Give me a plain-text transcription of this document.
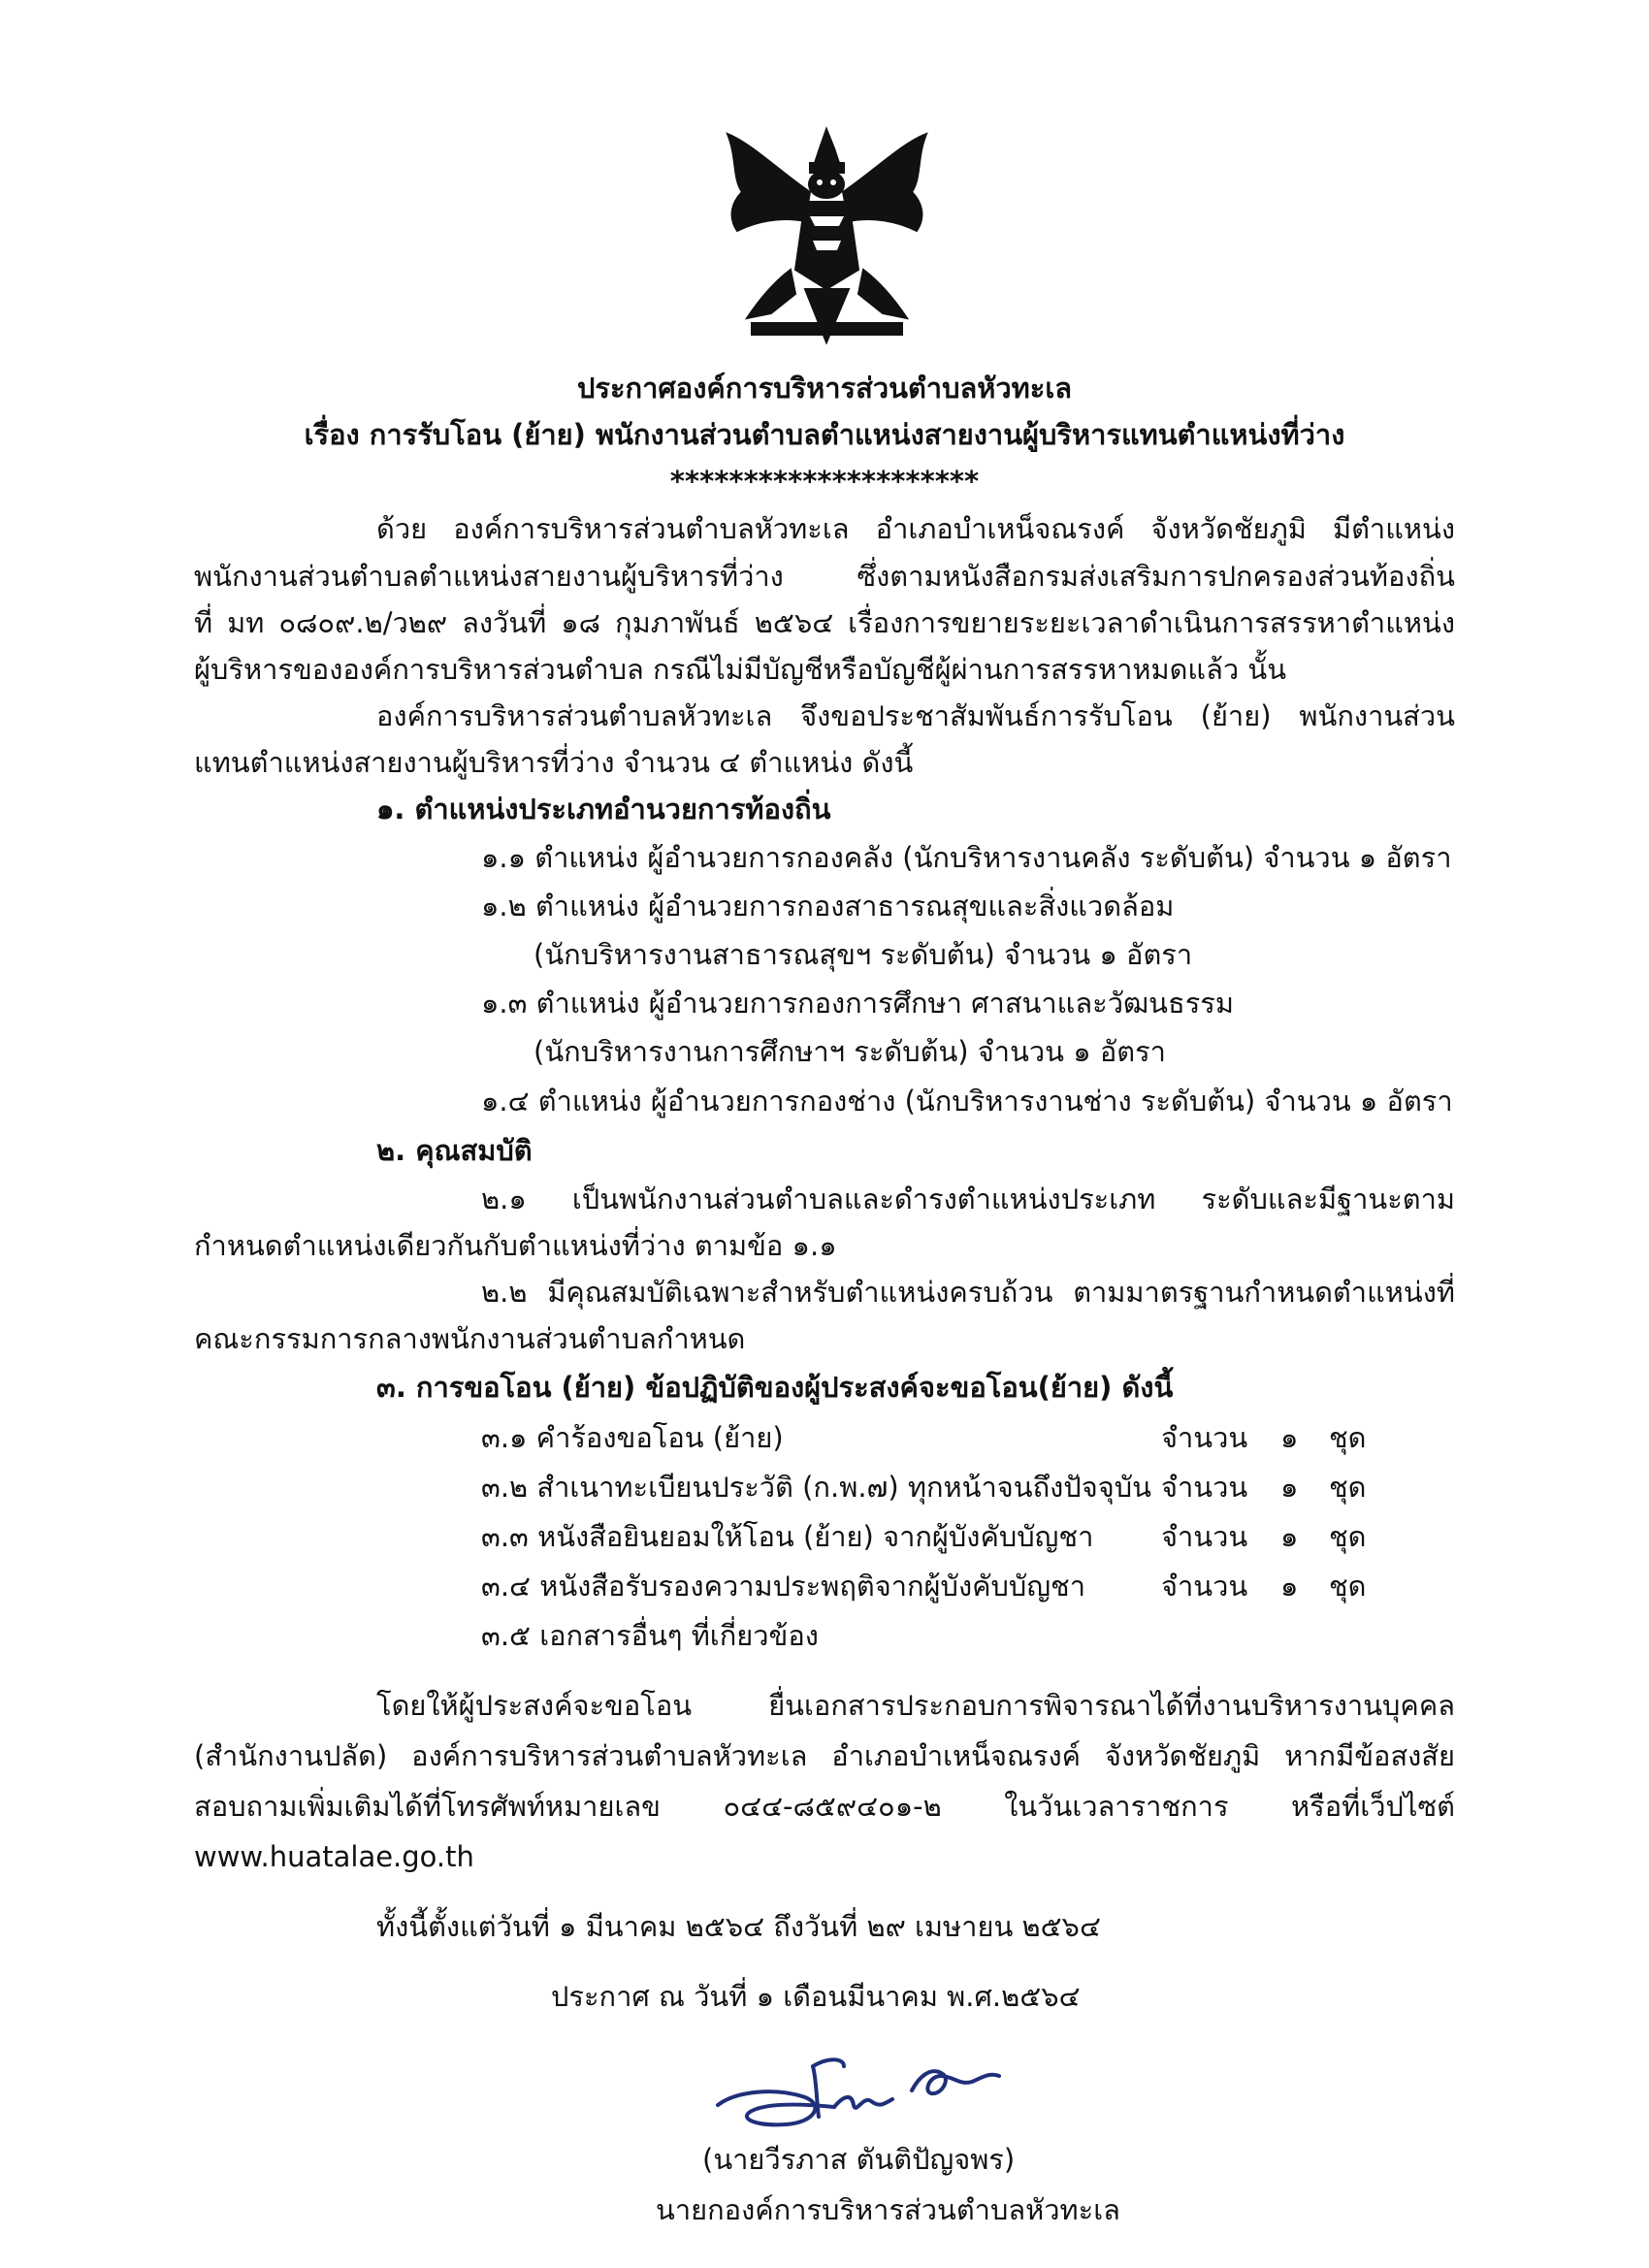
ประกาศองค์การบริหารส่วนตำบลหัวทะเล
เรื่อง การรับโอน (ย้าย) พนักงานส่วนตำบลตำแหน่งสายงานผู้บริหารแทนตำแหน่งที่ว่าง
*********************
ด้วย องค์การบริหารส่วนตำบลหัวทะเล อำเภอบำเหน็จณรงค์ จังหวัดชัยภูมิ มีตำแหน่ง
พนักงานส่วนตำบลตำแหน่งสายงานผู้บริหารที่ว่าง ซึ่งตามหนังสือกรมส่งเสริมการปกครองส่วนท้องถิ่น
ที่ มท ๐๘๐๙.๒/ว๒๙ ลงวันที่ ๑๘ กุมภาพันธ์ ๒๕๖๔ เรื่องการขยายระยะเวลาดำเนินการสรรหาตำแหน่ง
ผู้บริหารขององค์การบริหารส่วนตำบล กรณีไม่มีบัญชีหรือบัญชีผู้ผ่านการสรรหาหมดแล้ว นั้น
องค์การบริหารส่วนตำบลหัวทะเล จึงขอประชาสัมพันธ์การรับโอน (ย้าย) พนักงานส่วน
แทนตำแหน่งสายงานผู้บริหารที่ว่าง จำนวน ๔ ตำแหน่ง ดังนี้
๑. ตำแหน่งประเภทอำนวยการท้องถิ่น
๑.๑ ตำแหน่ง ผู้อำนวยการกองคลัง (นักบริหารงานคลัง ระดับต้น) จำนวน ๑ อัตรา
๑.๒ ตำแหน่ง ผู้อำนวยการกองสาธารณสุขและสิ่งแวดล้อม
(นักบริหารงานสาธารณสุขฯ ระดับต้น) จำนวน ๑ อัตรา
๑.๓ ตำแหน่ง ผู้อำนวยการกองการศึกษา ศาสนาและวัฒนธรรม
(นักบริหารงานการศึกษาฯ ระดับต้น) จำนวน ๑ อัตรา
๑.๔ ตำแหน่ง ผู้อำนวยการกองช่าง (นักบริหารงานช่าง ระดับต้น) จำนวน ๑ อัตรา
๒. คุณสมบัติ
๒.๑ เป็นพนักงานส่วนตำบลและดำรงตำแหน่งประเภท ระดับและมีฐานะตาม
กำหนดตำแหน่งเดียวกันกับตำแหน่งที่ว่าง ตามข้อ ๑.๑
๒.๒ มีคุณสมบัติเฉพาะสำหรับตำแหน่งครบถ้วน ตามมาตรฐานกำหนดตำแหน่งที่
คณะกรรมการกลางพนักงานส่วนตำบลกำหนด
๓. การขอโอน (ย้าย) ข้อปฏิบัติของผู้ประสงค์จะขอโอน(ย้าย) ดังนี้
๓.๑ คำร้องขอโอน (ย้าย)	จำนวน ๑ ชุด
๓.๒ สำเนาทะเบียนประวัติ (ก.พ.๗) ทุกหน้าจนถึงปัจจุบัน จำนวน ๑ ชุด
๓.๓ หนังสือยินยอมให้โอน (ย้าย) จากผู้บังคับบัญชา จำนวน ๑ ชุด
๓.๔ หนังสือรับรองความประพฤติจากผู้บังคับบัญชา	จำนวน ๑ ชุด
๓.๕ เอกสารอื่นๆ ที่เกี่ยวข้อง
โดยให้ผู้ประสงค์จะขอโอน ยื่นเอกสารประกอบการพิจารณาได้ที่งานบริหารงานบุคคล
(สำนักงานปลัด) องค์การบริหารส่วนตำบลหัวทะเล อำเภอบำเหน็จณรงค์ จังหวัดชัยภูมิ หากมีข้อสงสัย
สอบถามเพิ่มเติมได้ที่โทรศัพท์หมายเลข ๐๔๔-๘๕๙๔๐๑-๒ ในวันเวลาราชการ หรือที่เว็ปไซต์
www.huatalae.go.th
ทั้งนี้ตั้งแต่วันที่ ๑ มีนาคม ๒๕๖๔ ถึงวันที่ ๒๙ เมษายน ๒๕๖๔
ประกาศ ณ วันที่ ๑ เดือนมีนาคม พ.ศ.๒๕๖๔
(นายวีรภาส ตันติปัญจพร)
นายกองค์การบริหารส่วนตำบลหัวทะเล
